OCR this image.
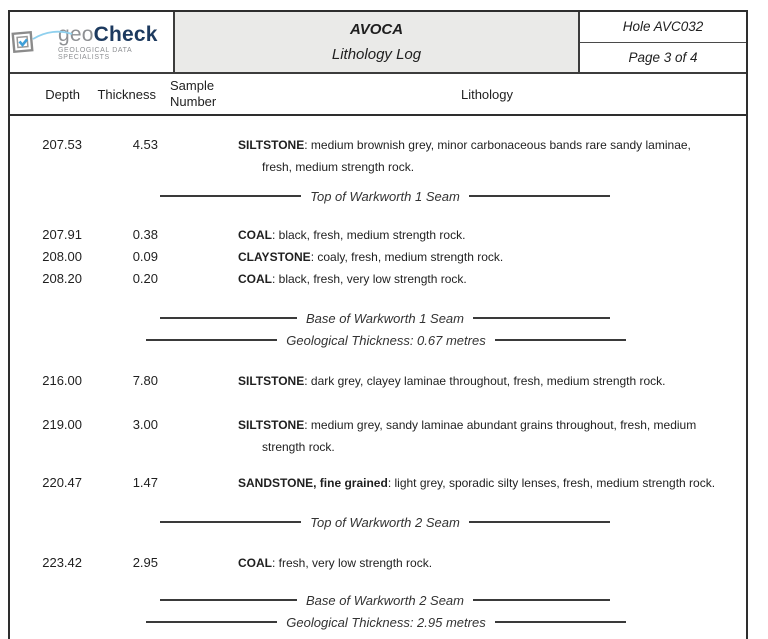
geoCheck
GEOLOGICAL DATA SPECIALISTS
AVOCA
Lithology Log
Hole AVC032
Page 3 of 4
Depth	Thickness
Sample
Number	Lithology
207.53	4.53	SILTSTONE: medium brownish grey, minor carbonaceous bands rare sandy laminae, fresh, medium strength rock.
Top of Warkworth 1 Seam
207.91	0.38	COAL: black, fresh, medium strength rock.
208.00	0.09	CLAYSTONE: coaly, fresh, medium strength rock.
208.20	0.20	COAL: black, fresh, very low strength rock.
Base of Warkworth 1 Seam
Geological Thickness: 0.67 metres
216.00	7.80	SILTSTONE: dark grey, clayey laminae throughout, fresh, medium strength rock.
219.00	3.00	SILTSTONE: medium grey, sandy laminae abundant grains throughout, fresh, medium strength rock.
220.47	1.47	SANDSTONE, fine grained: light grey, sporadic silty lenses, fresh, medium strength rock.
Top of Warkworth 2 Seam
223.42	2.95	COAL: fresh, very low strength rock.
Base of Warkworth 2 Seam
Geological Thickness: 2.95 metres
